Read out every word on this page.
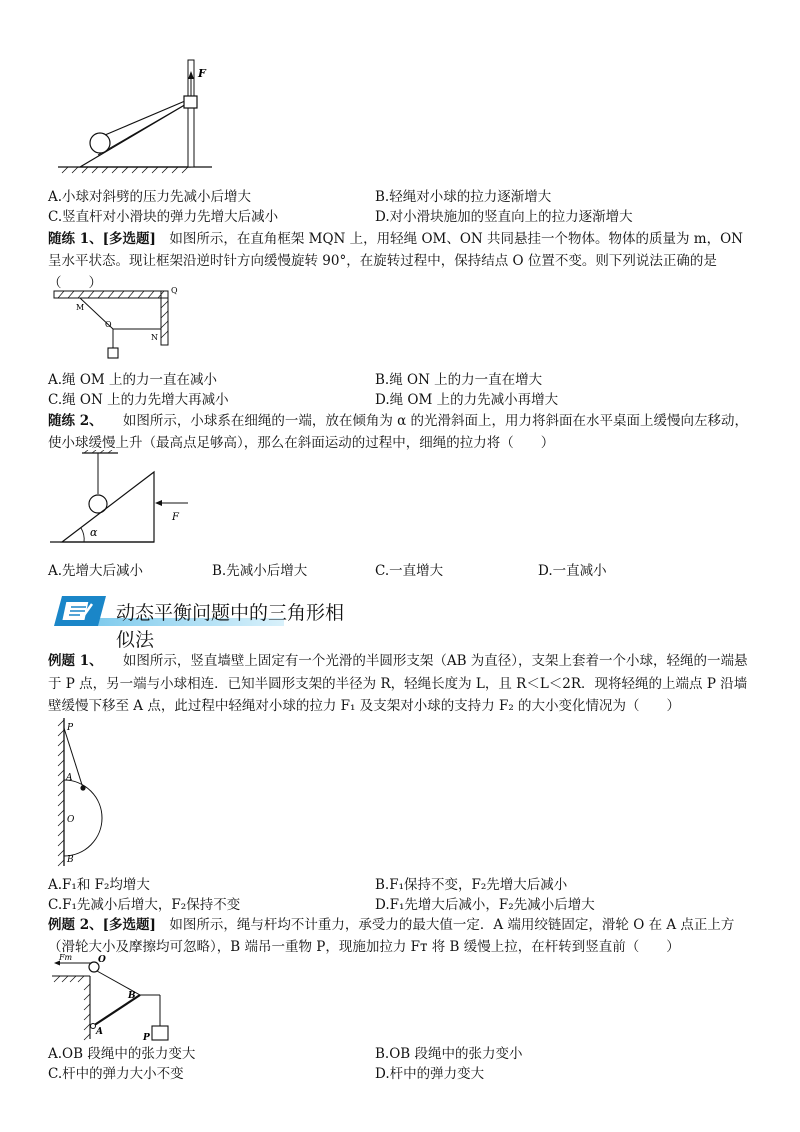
F
A.小球对斜劈的压力先减小后增大	B.轻绳对小球的拉力逐渐增大
C.竖直杆对小滑块的弹力先增大后减小	D.对小滑块施加的竖直向上的拉力逐渐增大
随练 1、[多选题]　 如图所示，在直角框架 MQN 上，用轻绳 OM、ON 共同悬挂一个物体。物体的质量为 m，ON 呈水平状态。现让框架沿逆时针方向缓慢旋转 90°，在旋转过程中，保持结点 O 位置不变。则下列说法正确的是（　　）
M
O
N
Q
A.绳 OM 上的力一直在减小	B.绳 ON 上的力一直在增大
C.绳 ON 上的力先增大再减小	D.绳 OM 上的力先减小再增大
随练 2、　　 如图所示，小球系在细绳的一端，放在倾角为 α 的光滑斜面上，用力将斜面在水平桌面上缓慢向左移动，使小球缓慢上升（最高点足够高），那么在斜面运动的过程中，细绳的拉力将（　　）
α
F
A.先增大后减小	B.先减小后增大	C.一直增大	D.一直减小
动态平衡问题中的三角形相似法
例题 1、　　 如图所示，竖直墙壁上固定有一个光滑的半圆形支架（AB 为直径），支架上套着一个小球，轻绳的一端悬于 P 点，另一端与小球相连．已知半圆形支架的半径为 R，轻绳长度为 L，且 R＜L＜2R．现将轻绳的上端点 P 沿墙壁缓慢下移至 A 点，此过程中轻绳对小球的拉力 F₁ 及支架对小球的支持力 F₂ 的大小变化情况为（　　）
P
A
O
B
A.F₁和 F₂均增大	B.F₁保持不变，F₂先增大后减小
C.F₁先减小后增大，F₂保持不变	D.F₁先增大后减小，F₂先减小后增大
例题 2、[多选题]　 如图所示，绳与杆均不计重力，承受力的最大值一定．A 端用绞链固定，滑轮 O 在 A 点正上方（滑轮大小及摩擦均可忽略），B 端吊一重物 P，现施加拉力 Fт 将 B 缓慢上拉，在杆转到竖直前（　　）
Fт	O
B
A
P
A.OB 段绳中的张力变大	B.OB 段绳中的张力变小
C.杆中的弹力大小不变	D.杆中的弹力变大
